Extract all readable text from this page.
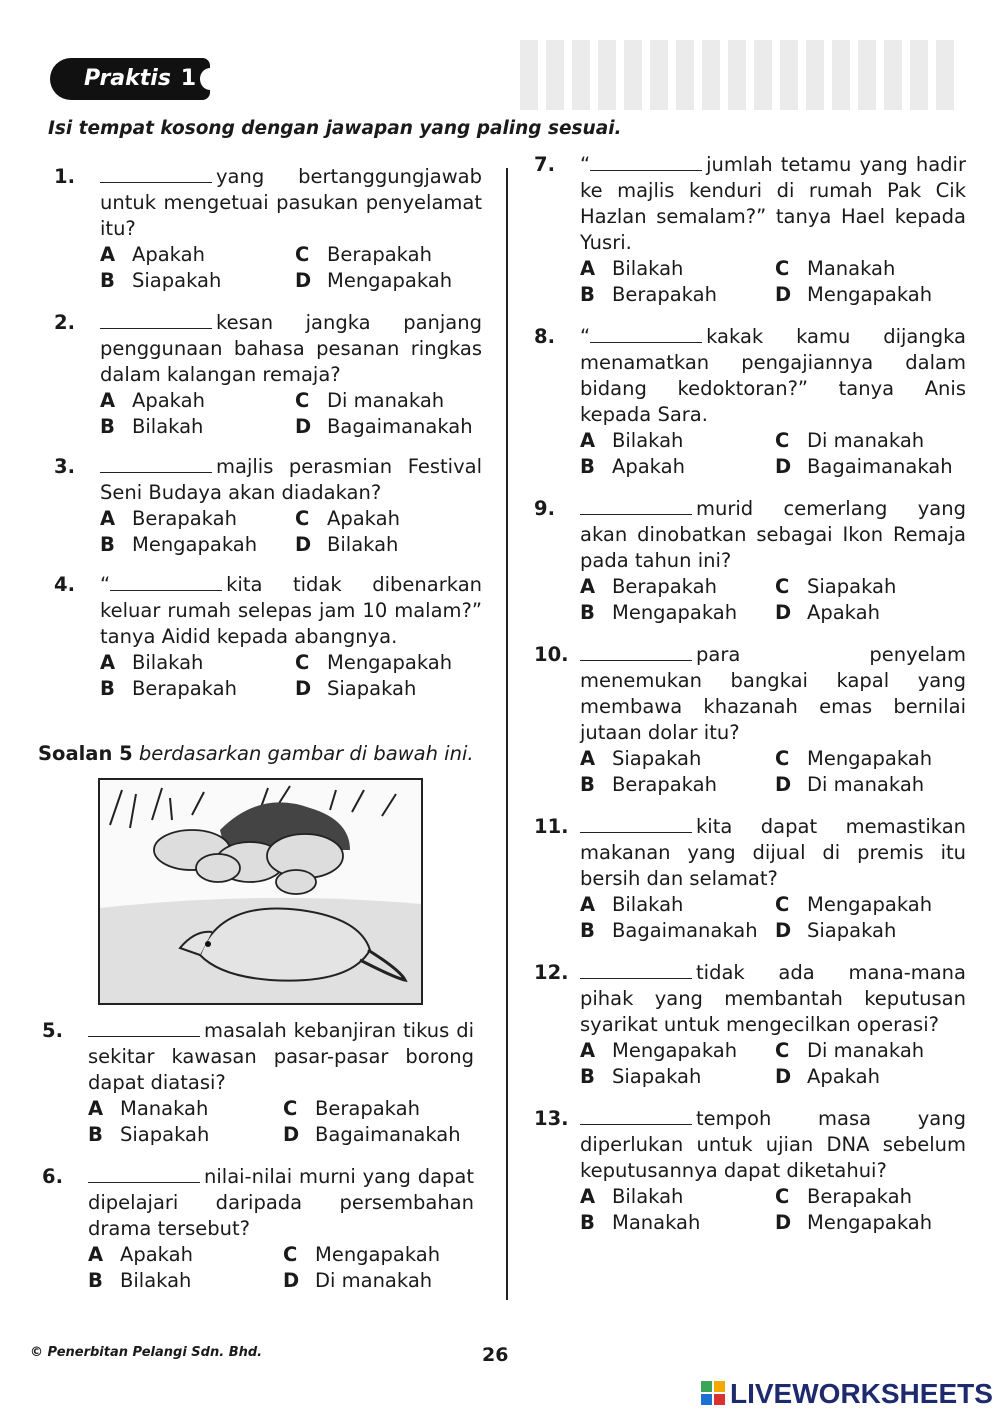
Praktis 1
Isi tempat kosong dengan jawapan yang paling sesuai.
1.	yang bertanggungjawab untuk mengetuai pasukan penyelamat itu?
A Apakah	C Berapakah
B Siapakah	D Mengapakah
2.	kesan jangka panjang penggunaan bahasa pesanan ringkas dalam kalangan remaja?
A Apakah	C Di manakah
B Bilakah	D Bagaimanakah
3.	majlis perasmian Festival Seni Budaya akan diadakan?
A Berapakah	C Apakah
B Mengapakah	D Bilakah
4. “	kita tidak dibenarkan keluar rumah selepas jam 10 malam?” tanya Aidid kepada abangnya.
A Bilakah	C Mengapakah
B Berapakah	D Siapakah
Soalan 5 berdasarkan gambar di bawah ini.
5.	masalah kebanjiran tikus di sekitar kawasan pasar-pasar borong dapat diatasi?
A Manakah	C Berapakah
B Siapakah	D Bagaimanakah
6.	nilai-nilai murni yang dapat dipelajari daripada persembahan drama tersebut?
A Apakah	C Mengapakah
B Bilakah	D Di manakah
7. “	jumlah tetamu yang hadir ke majlis kenduri di rumah Pak Cik Hazlan semalam?” tanya Hael kepada Yusri.
A Bilakah	C Manakah
B Berapakah	D Mengapakah
8. “	kakak kamu dijangka menamatkan pengajiannya dalam bidang kedoktoran?” tanya Anis kepada Sara.
A Bilakah	C Di manakah
B Apakah	D Bagaimanakah
9.	murid cemerlang yang akan dinobatkan sebagai Ikon Remaja pada tahun ini?
A Berapakah	C Siapakah
B Mengapakah	D Apakah
10.	para penyelam menemukan bangkai kapal yang membawa khazanah emas bernilai jutaan dolar itu?
A Siapakah	C Mengapakah
B Berapakah	D Di manakah
11.	kita dapat memastikan makanan yang dijual di premis itu bersih dan selamat?
A Bilakah	C Mengapakah
B Bagaimanakah D Siapakah
12.	tidak ada mana-mana pihak yang membantah keputusan syarikat untuk mengecilkan operasi?
A Mengapakah	C Di manakah
B Siapakah	D Apakah
13.	tempoh masa yang diperlukan untuk ujian DNA sebelum keputusannya dapat diketahui?
A Bilakah	C Berapakah
B Manakah	D Mengapakah
© Penerbitan Pelangi Sdn. Bhd.	26
LIVEWORKSHEETS
